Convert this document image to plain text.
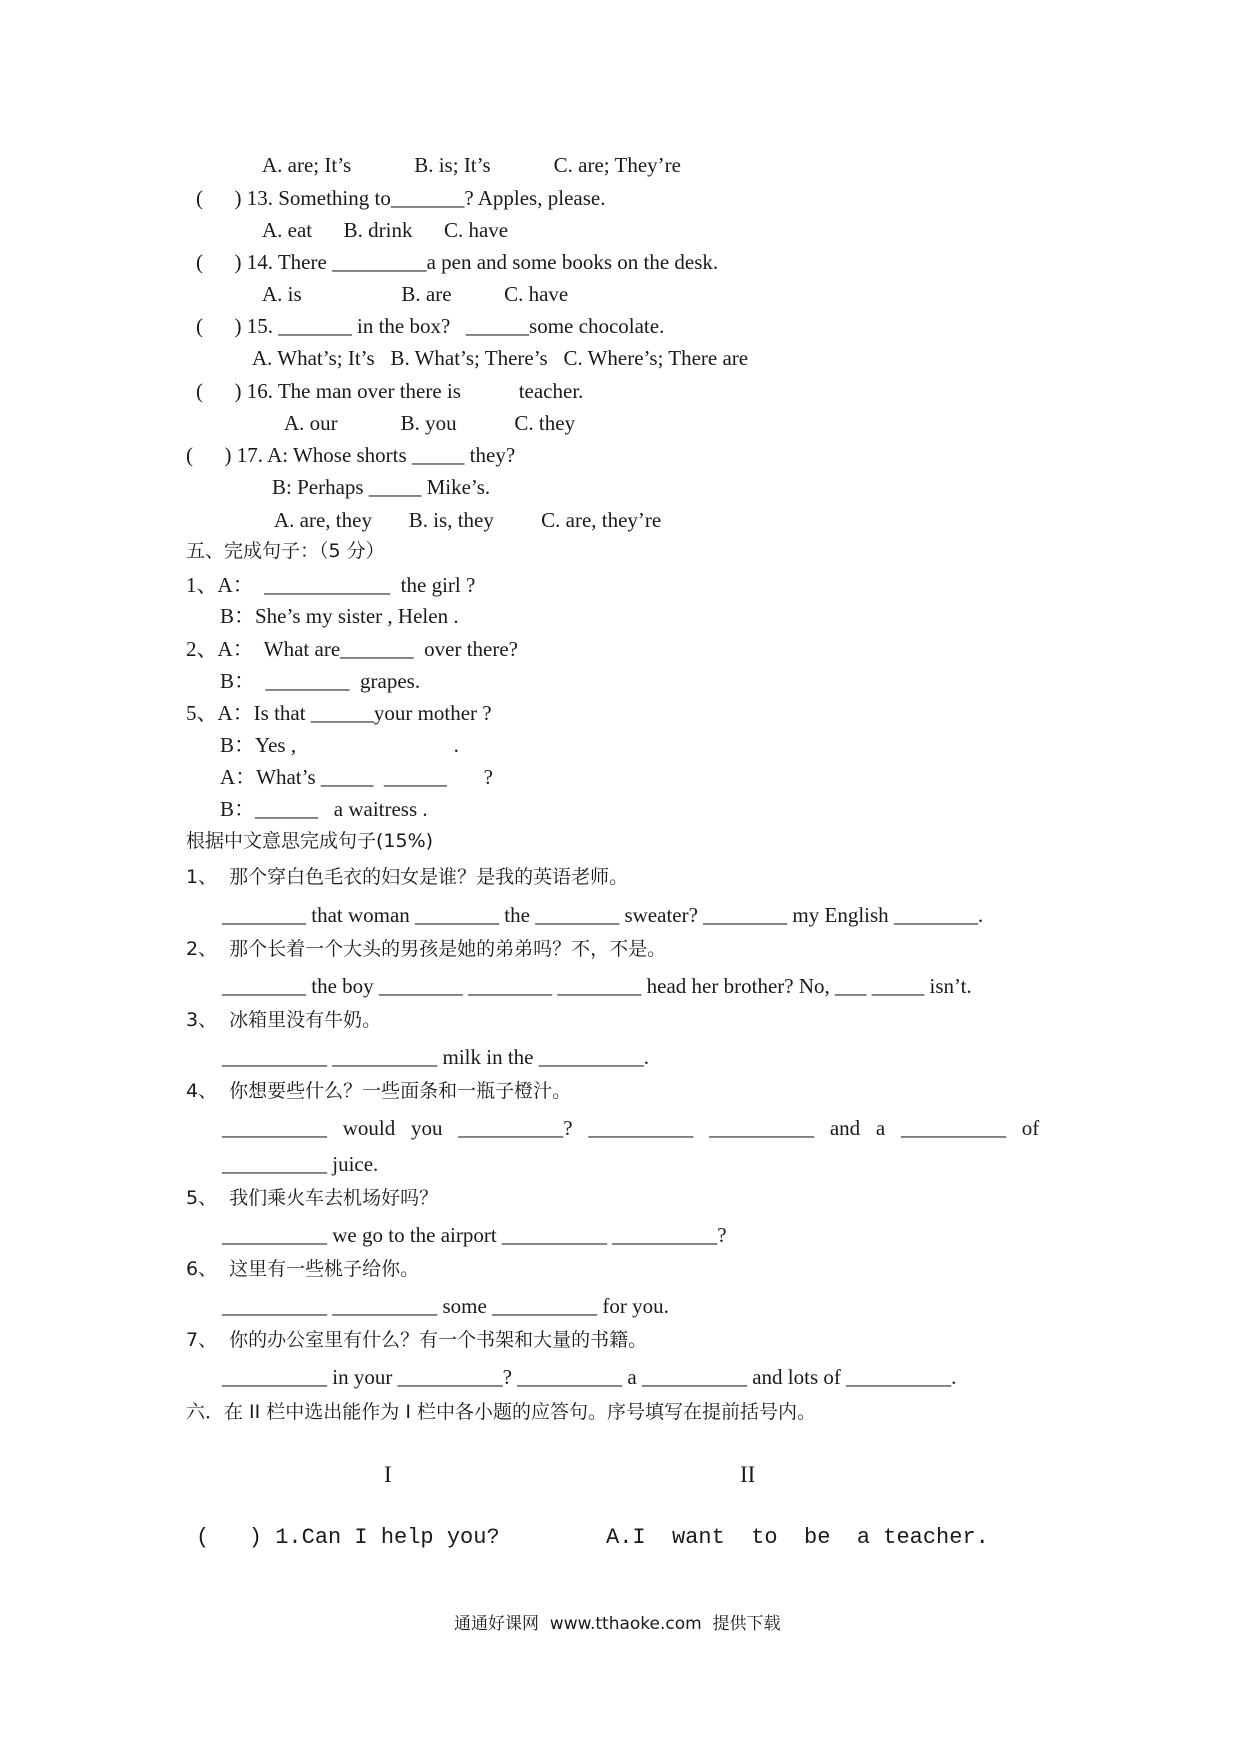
A. are; It’s            B. is; It’s            C. are; They’re
(      ) 13. Something to_______? Apples, please.
A. eat      B. drink      C. have
(      ) 14. There _________a pen and some books on the desk.
A. is                   B. are          C. have
(      ) 15. _______ in the box?   ______some chocolate.
A. What’s; It’s   B. What’s; There’s   C. Where’s; There are
(      ) 16. The man over there is           teacher.
A. our            B. you           C. they
(      ) 17. A: Whose shorts _____ they?
B: Perhaps _____ Mike’s.
A. are, they       B. is, they         C. are, they’re
五、完成句子：（5 分）
1、A：  ____________  the girl ?
B：She’s my sister , Helen .
2、A：  What are_______  over there?
B：  ________  grapes.
5、A：Is that ______your mother ?
B：Yes ,                              .
A：What’s _____  ______       ?
B：______   a waitress .
根据中文意思完成句子(15%)
1、  那个穿白色毛衣的妇女是谁？是我的英语老师。
________ that woman ________ the ________ sweater? ________ my English ________.
2、  那个长着一个大头的男孩是她的弟弟吗？不，不是。
________ the boy ________ ________ ________ head her brother? No, ___ _____ isn’t.
3、  冰箱里没有牛奶。
__________ __________ milk in the __________.
4、  你想要些什么？一些面条和一瓶子橙汁。
__________   would   you   __________?   __________   __________   and   a   __________   of
__________ juice.
5、  我们乘火车去机场好吗？
__________ we go to the airport __________ __________?
6、  这里有一些桃子给你。
__________ __________ some __________ for you.
7、  你的办公室里有什么？有一个书架和大量的书籍。
__________ in your __________? __________ a __________ and lots of __________.
六．在 II 栏中选出能作为 I 栏中各小题的应答句。序号填写在提前括号内。
I	II
(   ) 1.Can I help you?	A.I  want  to  be  a teacher.
通通好课网  www.tthaoke.com  提供下载
